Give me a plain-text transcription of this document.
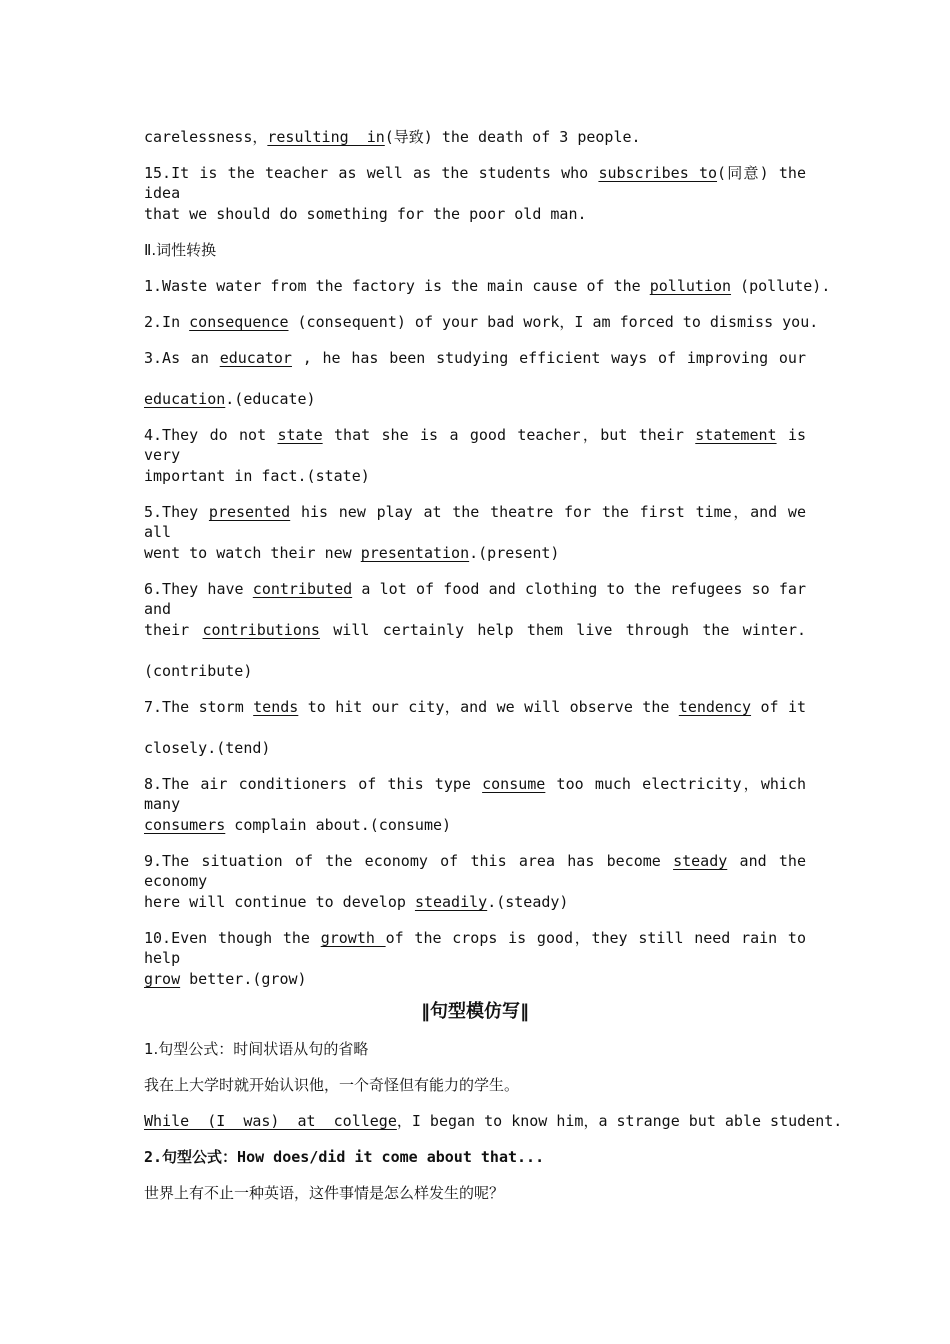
‖句型模仿写‖
carelessness，resulting  in(导致) the death of 3 people.
15.It is the teacher as well as the students who subscribes to(同意) the idea
that we should do something for the poor old man.
Ⅱ.词性转换
1.Waste water from the factory is the main cause of the pollution (pollute).
2.In consequence (consequent) of your bad work，I am forced to dismiss you.
3.As an educator , he has been studying efficient ways of improving our
education.(educate)
4.They do not state that she is a good teacher，but their statement is very
important in fact.(state)
5.They presented his new play at the theatre for the first time，and we all
went to watch their new presentation.(present)
6.They have contributed a lot of food and clothing to the refugees so far and
their contributions will certainly help them live through the winter.
(contribute)
7.The storm tends to hit our city，and we will observe the tendency of it
closely.(tend)
8.The air conditioners of this type consume too much electricity，which many
consumers complain about.(consume)
9.The situation of the economy of this area has become steady and the economy
here will continue to develop steadily.(steady)
10.Even though the growth of the crops is good，they still need rain to help
grow better.(grow)
1.句型公式：时间状语从句的省略
我在上大学时就开始认识他，一个奇怪但有能力的学生。
While  (I  was)  at  college，I began to know him，a strange but able student.
2.句型公式：How does/did it come about that...
世界上有不止一种英语，这件事情是怎么样发生的呢？
